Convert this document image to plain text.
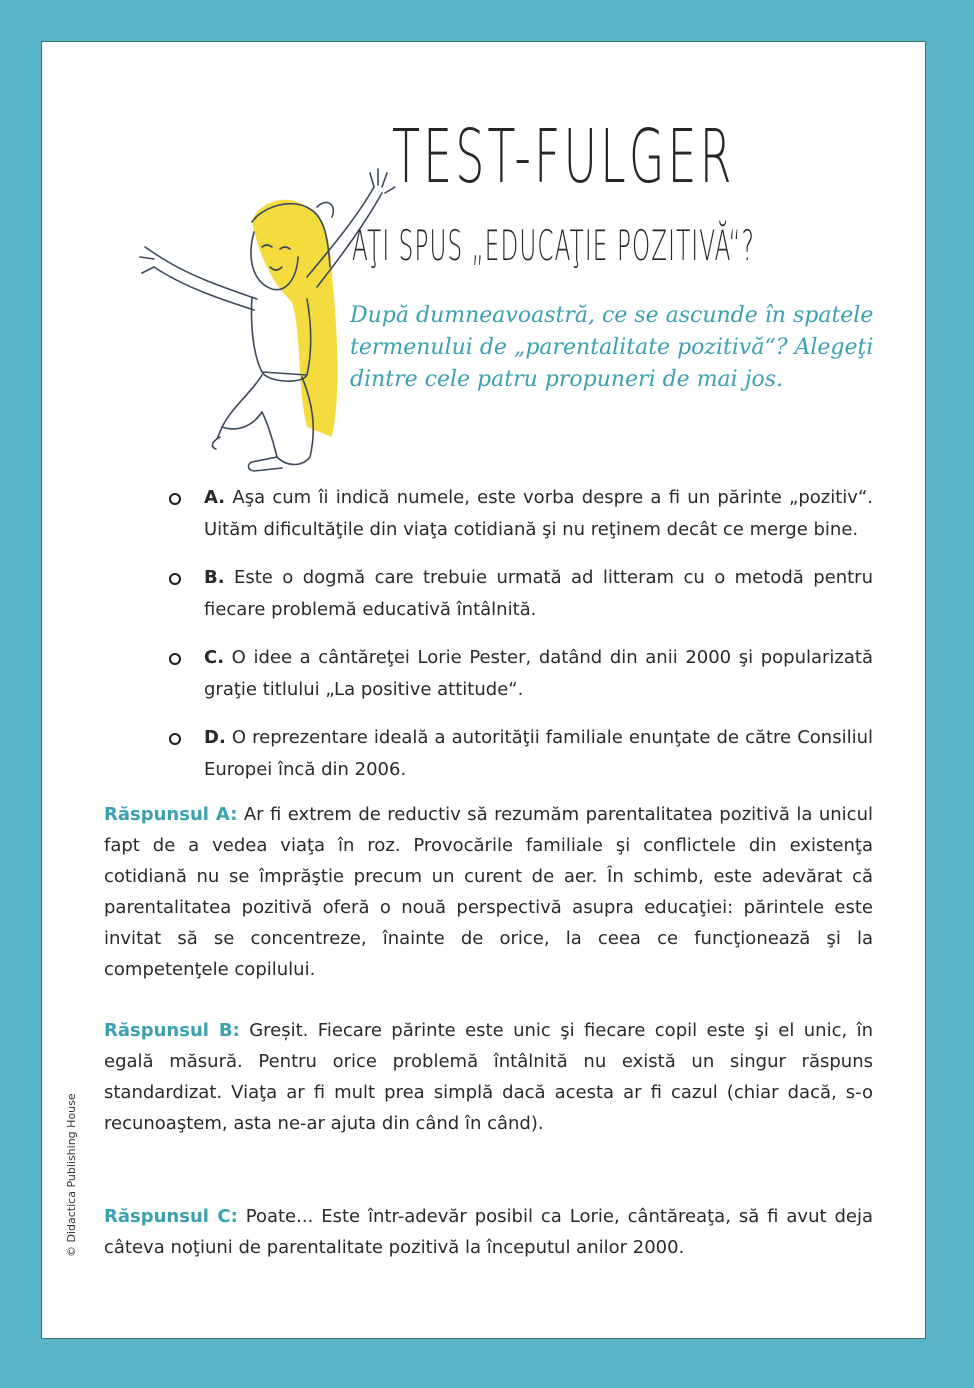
TEST-FULGER
AŢI SPUS „EDUCAŢIE POZITIVĂ“?

După dumneavoastră, ce se ascunde în spatele termenului de „parentalitate pozitivă“? Alegeţi dintre cele patru propuneri de mai jos.

A. Aşa cum îi indică numele, este vorba despre a fi un părinte „pozitiv“. Uităm dificultăţile din viaţa cotidiană şi nu reţinem decât ce merge bine.
B. Este o dogmă care trebuie urmată ad litteram cu o metodă pentru fiecare problemă educativă întâlnită.
C. O idee a cântăreţei Lorie Pester, datând din anii 2000 şi popularizată graţie titlului „La positive attitude“.
D. O reprezentare ideală a autorităţii familiale enunţate de către Consiliul Europei încă din 2006.

Răspunsul A: Ar fi extrem de reductiv să rezumăm parentalitatea pozitivă la unicul fapt de a vedea viaţa în roz. Provocările familiale şi conflictele din existenţa cotidiană nu se împrăştie precum un curent de aer. În schimb, este adevărat că parentalitatea pozitivă oferă o nouă perspectivă asupra educaţiei: părintele este invitat să se concentreze, înainte de orice, la ceea ce funcţionează şi la competenţele copilului.

Răspunsul B: Greșit. Fiecare părinte este unic şi fiecare copil este şi el unic, în egală măsură. Pentru orice problemă întâlnită nu există un singur răspuns standardizat. Viaţa ar fi mult prea simplă dacă acesta ar fi cazul (chiar dacă, s-o recunoaştem, asta ne-ar ajuta din când în când).

Răspunsul C: Poate... Este într-adevăr posibil ca Lorie, cântăreaţa, să fi avut deja câteva noţiuni de parentalitate pozitivă la începutul anilor 2000.

© Didactica Publishing House
